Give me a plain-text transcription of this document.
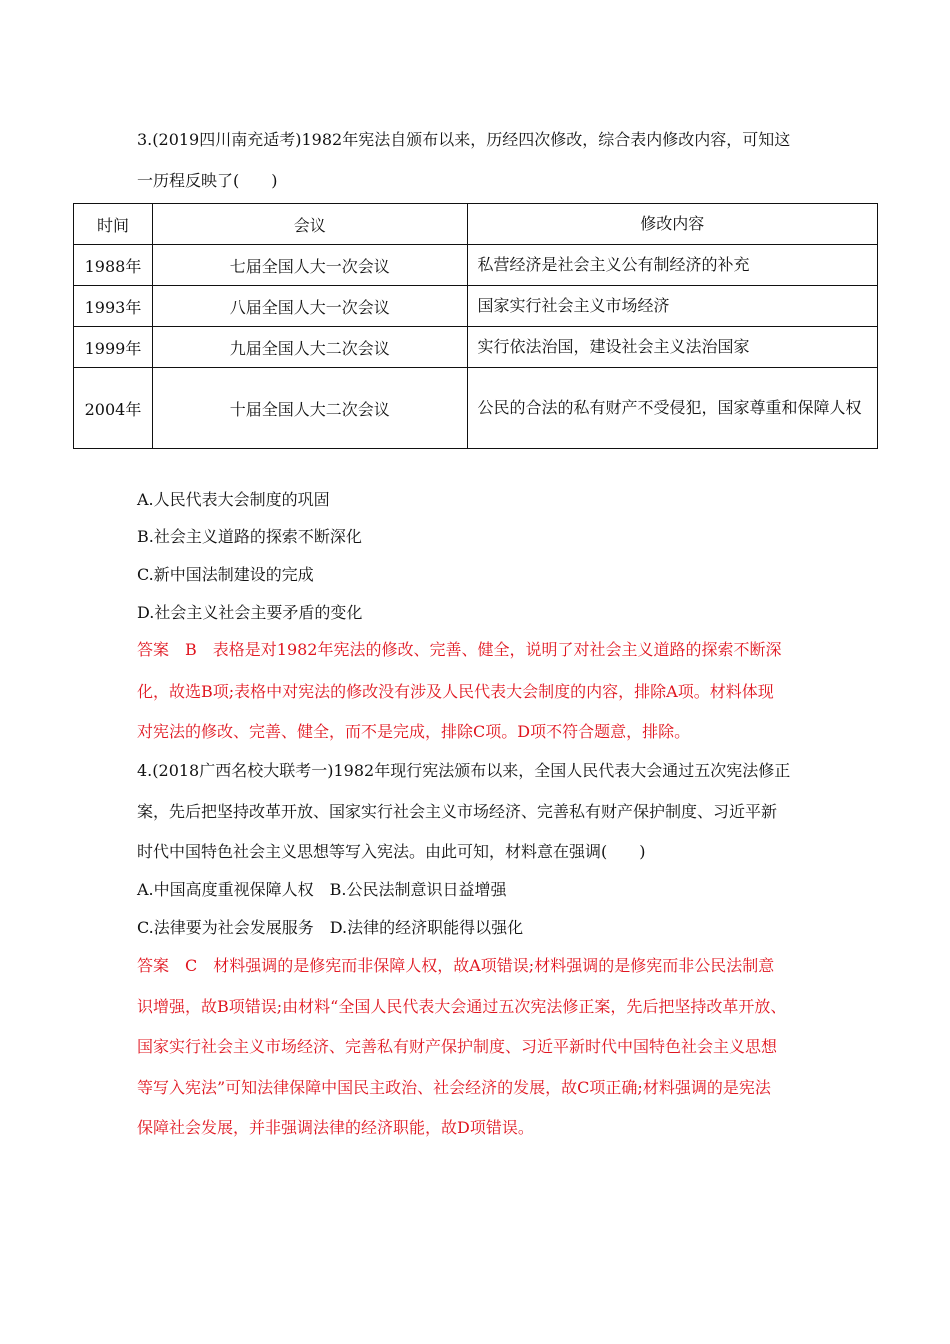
3.(2019四川南充适考)1982年宪法自颁布以来，历经四次修改，综合表内修改内容，可知这
一历程反映了(　　)
时间	会议	修改内容
1988年	七届全国人大一次会议	私营经济是社会主义公有制经济的补充
1993年	八届全国人大一次会议	国家实行社会主义市场经济
1999年	九届全国人大二次会议	实行依法治国，建设社会主义法治国家
2004年	十届全国人大二次会议	公民的合法的私有财产不受侵犯，国家尊重和保障人权
A.人民代表大会制度的巩固
B.社会主义道路的探索不断深化
C.新中国法制建设的完成
D.社会主义社会主要矛盾的变化
答案　B　表格是对1982年宪法的修改、完善、健全，说明了对社会主义道路的探索不断深
化，故选B项;表格中对宪法的修改没有涉及人民代表大会制度的内容，排除A项。材料体现
对宪法的修改、完善、健全，而不是完成，排除C项。D项不符合题意，排除。
4.(2018广西名校大联考一)1982年现行宪法颁布以来，全国人民代表大会通过五次宪法修正
案，先后把坚持改革开放、国家实行社会主义市场经济、完善私有财产保护制度、习近平新
时代中国特色社会主义思想等写入宪法。由此可知，材料意在强调(　　)
A.中国高度重视保障人权　B.公民法制意识日益增强
C.法律要为社会发展服务　D.法律的经济职能得以强化
答案　C　材料强调的是修宪而非保障人权，故A项错误;材料强调的是修宪而非公民法制意
识增强，故B项错误;由材料“全国人民代表大会通过五次宪法修正案，先后把坚持改革开放、
国家实行社会主义市场经济、完善私有财产保护制度、习近平新时代中国特色社会主义思想
等写入宪法”可知法律保障中国民主政治、社会经济的发展，故C项正确;材料强调的是宪法
保障社会发展，并非强调法律的经济职能，故D项错误。
